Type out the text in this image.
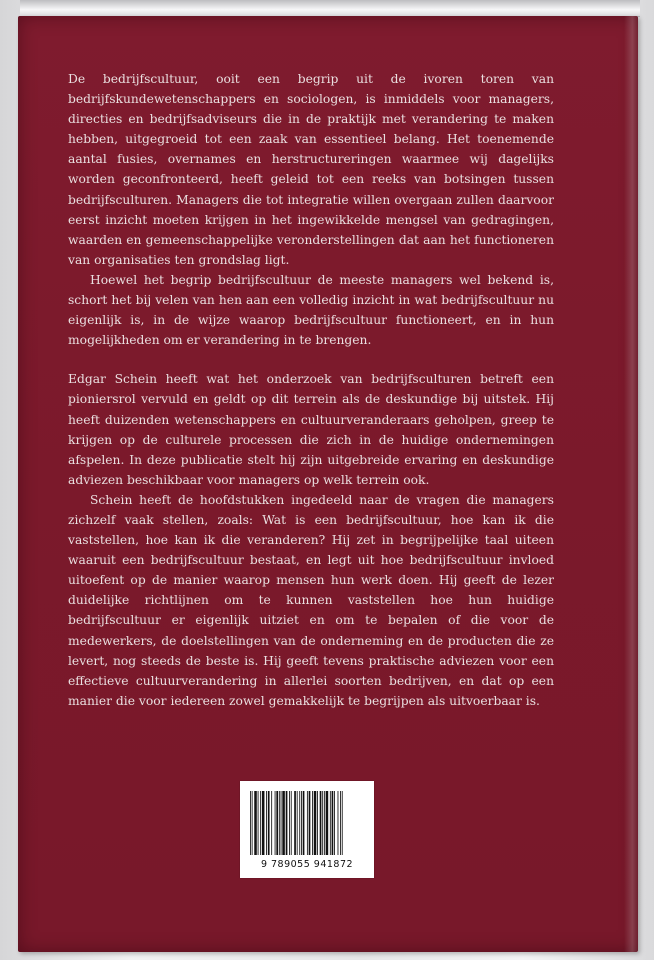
De bedrijfscultuur, ooit een begrip uit de ivoren toren van bedrijfskundewetenschappers en sociologen, is inmiddels voor managers, directies en bedrijfsadviseurs die in de praktijk met verandering te maken hebben, uitgegroeid tot een zaak van essentieel belang. Het toenemende aantal fusies, overnames en herstructureringen waarmee wij dagelijks worden geconfronteerd, heeft geleid tot een reeks van botsingen tussen bedrijfsculturen. Managers die tot integratie willen overgaan zullen daarvoor eerst inzicht moeten krijgen in het ingewikkelde mengsel van gedragingen, waarden en gemeenschappelijke veronderstellingen dat aan het functioneren van organisaties ten grondslag ligt.

Hoewel het begrip bedrijfscultuur de meeste managers wel bekend is, schort het bij velen van hen aan een volledig inzicht in wat bedrijfscultuur nu eigenlijk is, in de wijze waarop bedrijfscultuur functioneert, en in hun mogelijkheden om er verandering in te brengen.

Edgar Schein heeft wat het onderzoek van bedrijfsculturen betreft een pioniersrol vervuld en geldt op dit terrein als de deskundige bij uitstek. Hij heeft duizenden wetenschappers en cultuurveranderaars geholpen, greep te krijgen op de culturele processen die zich in de huidige ondernemingen afspelen. In deze publicatie stelt hij zijn uitgebreide ervaring en deskundige adviezen beschikbaar voor managers op welk terrein ook.

Schein heeft de hoofdstukken ingedeeld naar de vragen die managers zichzelf vaak stellen, zoals: Wat is een bedrijfscultuur, hoe kan ik die vaststellen, hoe kan ik die veranderen? Hij zet in begrijpelijke taal uiteen waaruit een bedrijfscultuur bestaat, en legt uit hoe bedrijfscultuur invloed uitoefent op de manier waarop mensen hun werk doen. Hij geeft de lezer duidelijke richtlijnen om te kunnen vaststellen hoe hun huidige bedrijfscultuur er eigenlijk uitziet en om te bepalen of die voor de medewerkers, de doelstellingen van de onderneming en de producten die ze levert, nog steeds de beste is. Hij geeft tevens praktische adviezen voor een effectieve cultuurverandering in allerlei soorten bedrijven, en dat op een manier die voor iedereen zowel gemakkelijk te begrijpen als uitvoerbaar is.

9 789055 941872
